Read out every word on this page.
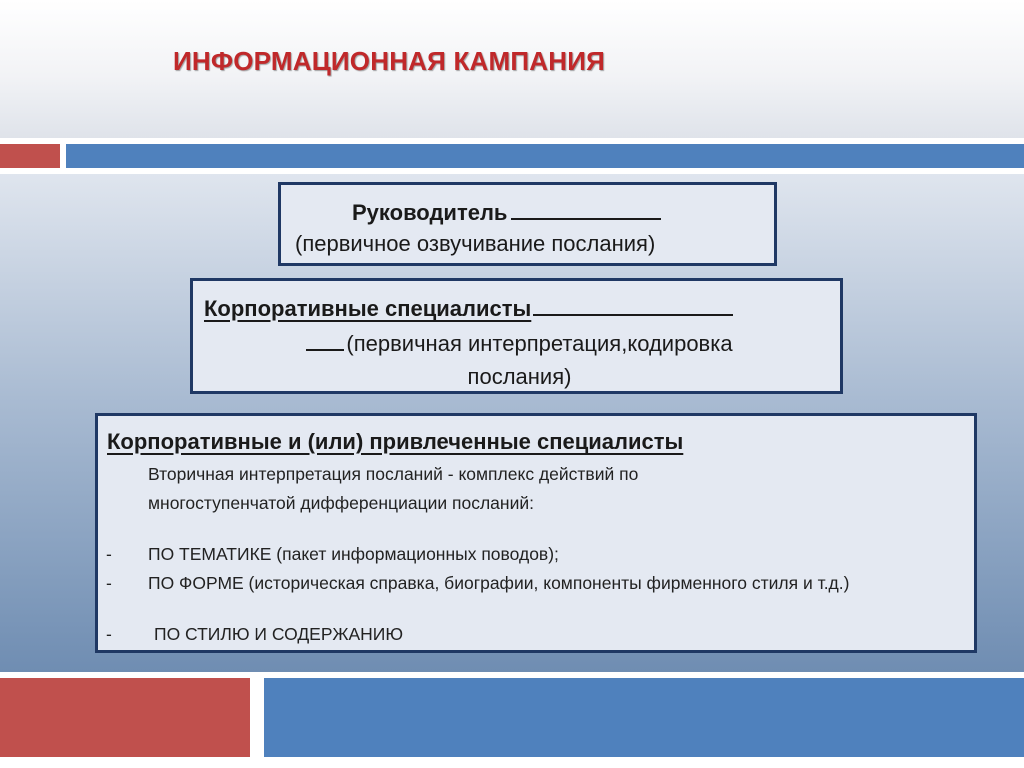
ИНФОРМАЦИОННАЯ КАМПАНИЯ
Руководитель
(первичное озвучивание послания)
Корпоративные специалисты
(первичная интерпретация,кодировка
послания)
Корпоративные и (или) привлеченные специалисты
Вторичная интерпретация посланий - комплекс действий по
многоступенчатой дифференциации посланий:
- ПО ТЕМАТИКЕ (пакет информационных поводов);
- ПО ФОРМЕ (историческая справка, биографии, компоненты фирменного стиля и т.д.)
- ПО СТИЛЮ И СОДЕРЖАНИЮ
